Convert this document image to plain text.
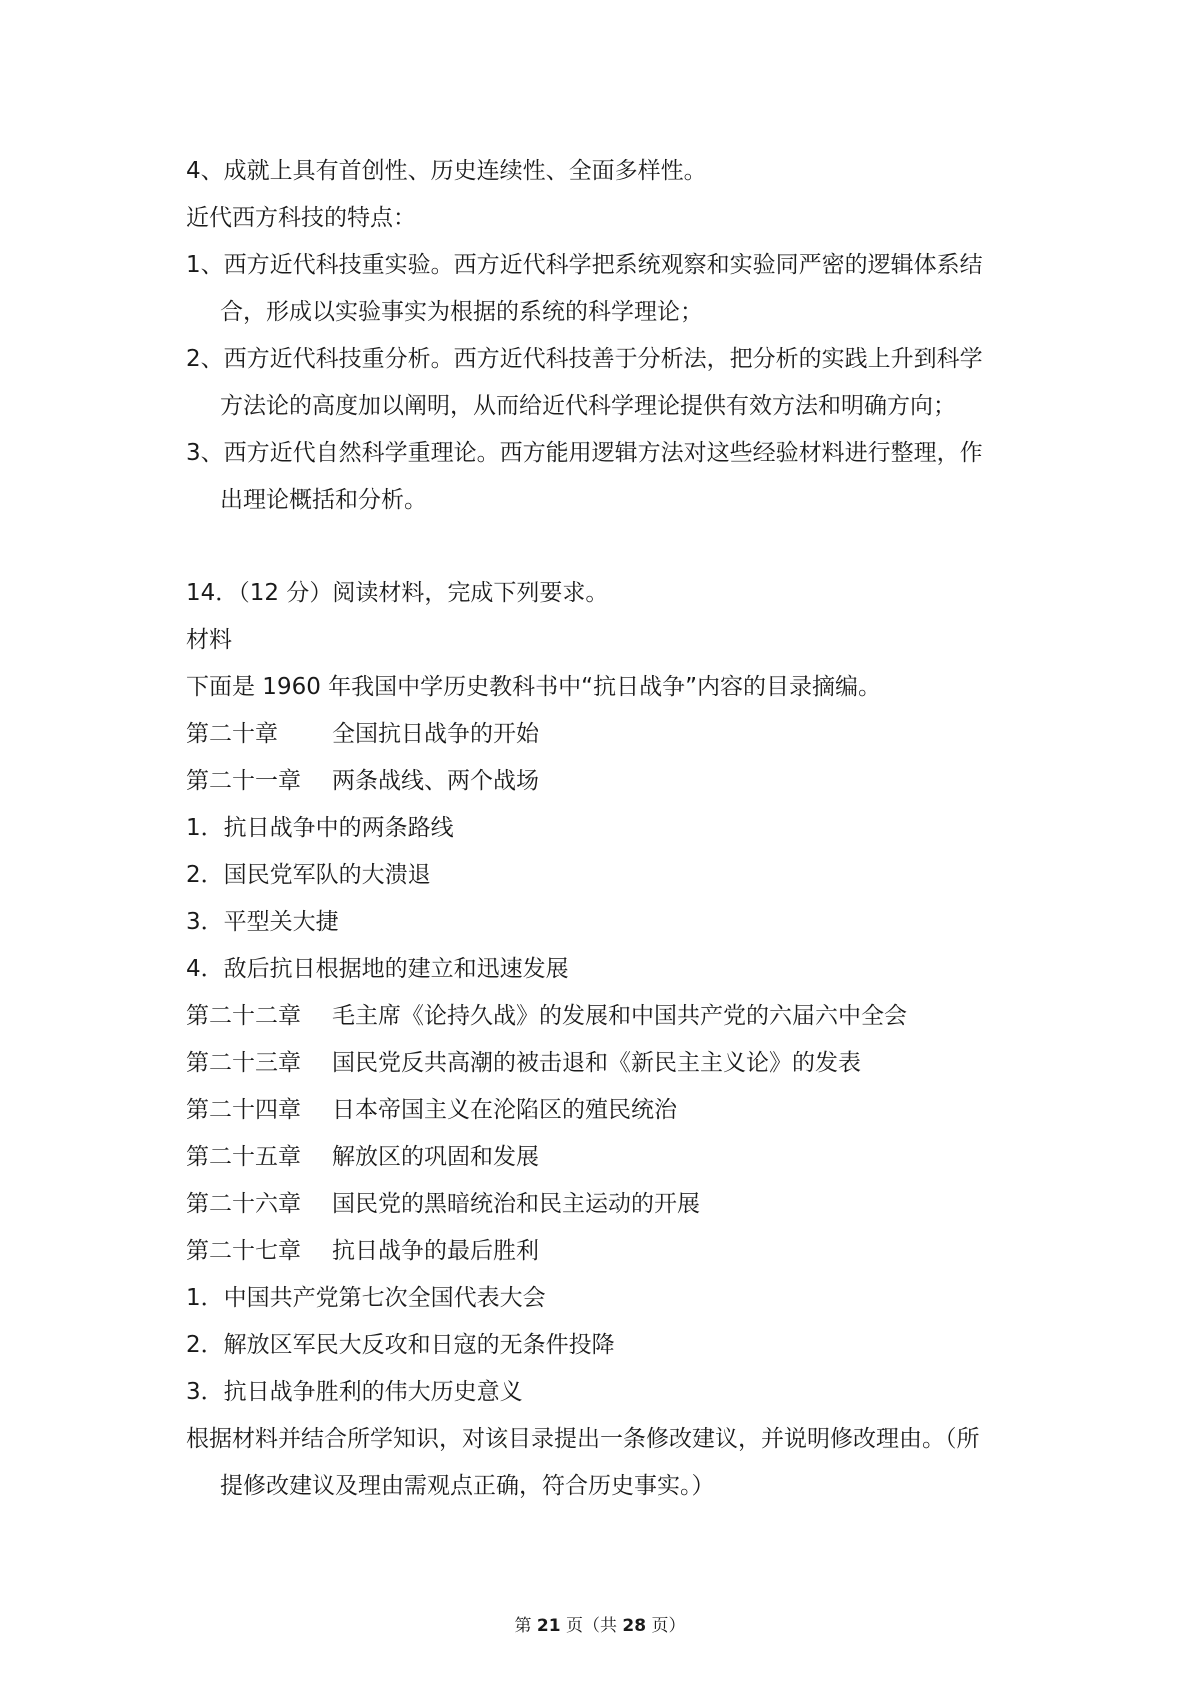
4、成就上具有首创性、历史连续性、全面多样性。
近代西方科技的特点：
1、西方近代科技重实验。西方近代科学把系统观察和实验同严密的逻辑体系结
合，形成以实验事实为根据的系统的科学理论；
2、西方近代科技重分析。西方近代科技善于分析法，把分析的实践上升到科学
方法论的高度加以阐明，从而给近代科学理论提供有效方法和明确方向；
3、西方近代自然科学重理论。西方能用逻辑方法对这些经验材料进行整理，作
出理论概括和分析。
14．（12 分）阅读材料，完成下列要求。
材料
下面是 1960 年我国中学历史教科书中“抗日战争”内容的目录摘编。
第二十章	全国抗日战争的开始
第二十一章	两条战线、两个战场
1．抗日战争中的两条路线
2．国民党军队的大溃退
3．平型关大捷
4．敌后抗日根据地的建立和迅速发展
第二十二章	毛主席《论持久战》的发展和中国共产党的六届六中全会
第二十三章	国民党反共高潮的被击退和《新民主主义论》的发表
第二十四章	日本帝国主义在沦陷区的殖民统治
第二十五章	解放区的巩固和发展
第二十六章	国民党的黑暗统治和民主运动的开展
第二十七章	抗日战争的最后胜利
1．中国共产党第七次全国代表大会
2．解放区军民大反攻和日寇的无条件投降
3．抗日战争胜利的伟大历史意义
根据材料并结合所学知识，对该目录提出一条修改建议，并说明修改理由。（所
提修改建议及理由需观点正确，符合历史事实。）
第 21 页（共 28 页）
